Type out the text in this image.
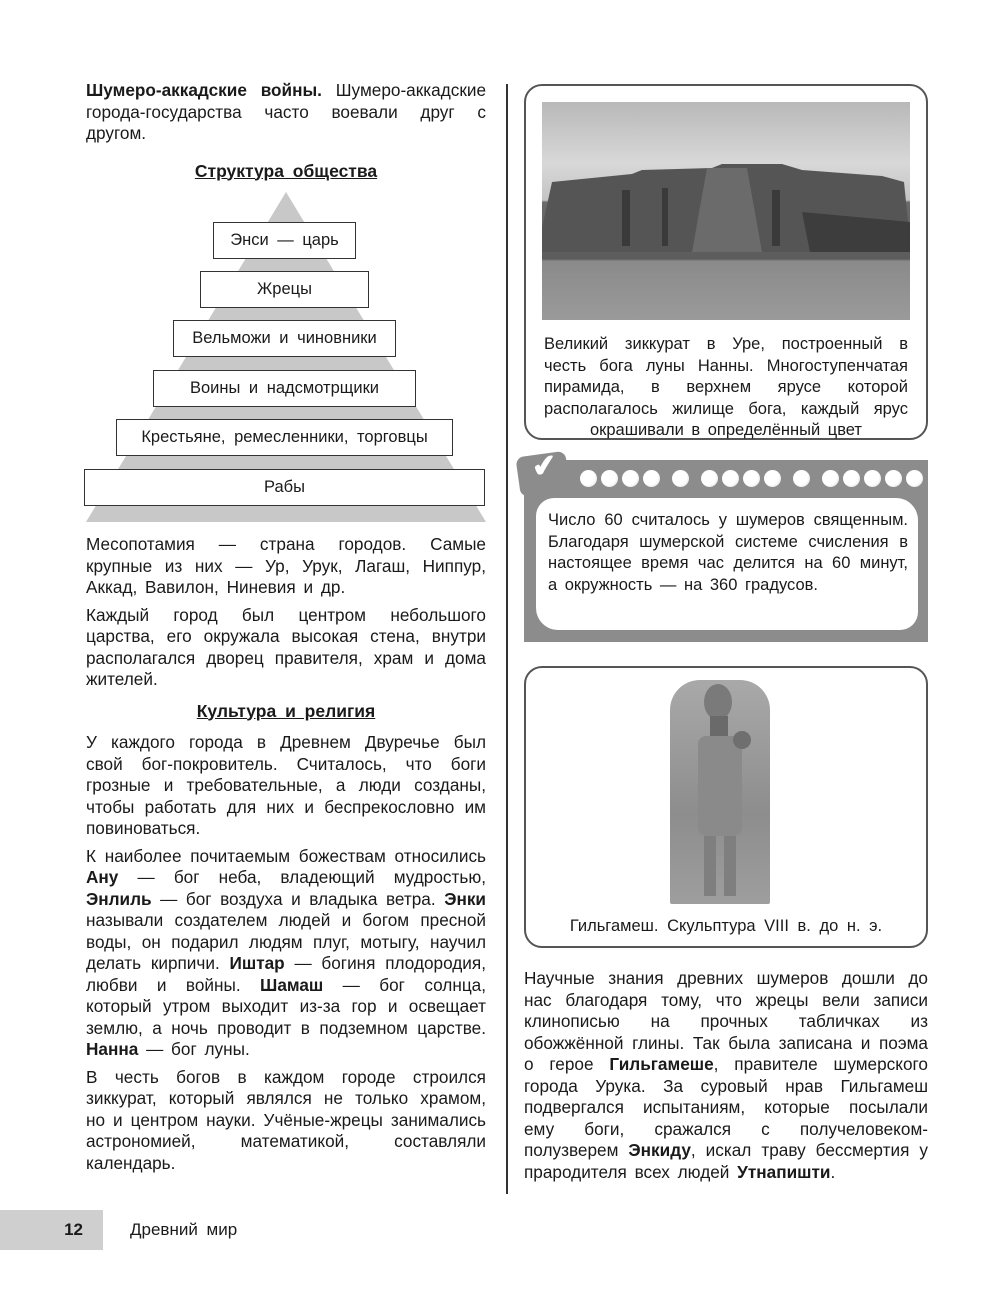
Шумеро-аккадские войны. Шумеро-аккадские города-государства часто воевали друг с другом.

Структура общества
Энси — царь
Жрецы
Вельможи и чиновники
Воины и надсмотрщики
Крестьяне, ремесленники, торговцы
Рабы

Месопотамия — страна городов. Самые крупные из них — Ур, Урук, Лагаш, Ниппур, Аккад, Вавилон, Ниневия и др.

Каждый город был центром небольшого царства, его окружала высокая стена, внутри располагался дворец правителя, храм и дома жителей.

Культура и религия

У каждого города в Древнем Двуречье был свой бог-покровитель. Считалось, что боги грозные и требовательные, а люди созданы, чтобы работать для них и беспрекословно им повиноваться.

К наиболее почитаемым божествам относились Ану — бог неба, владеющий мудростью, Энлиль — бог воздуха и владыка ветра. Энки называли создателем людей и богом пресной воды, он подарил людям плуг, мотыгу, научил делать кирпичи. Иштар — богиня плодородия, любви и войны. Шамаш — бог солнца, который утром выходит из-за гор и освещает землю, а ночь проводит в подземном царстве. Нанна — бог луны.

В честь богов в каждом городе строился зиккурат, который являлся не только храмом, но и центром науки. Учёные-жрецы занимались астрономией, математикой, составляли календарь.

Великий зиккурат в Уре, построенный в честь бога луны Нанны. Многоступенчатая пирамида, в верхнем ярусе которой располагалось жилище бога, каждый ярус окрашивали в определённый цвет
✔
Число 60 считалось у шумеров священным. Благодаря шумерской системе счисления в настоящее время час делится на 60 минут, а окружность — на 360 градусов.
Гильгамеш. Скульптура VIII в. до н. э.

Научные знания древних шумеров дошли до нас благодаря тому, что жрецы вели записи клинописью на прочных табличках из обожжённой глины. Так была записана и поэма о герое Гильгамеше, правителе шумерского города Урука. За суровый нрав Гильгамеш подвергался испытаниям, которые посылали ему боги, сражался с получеловеком-полузверем Энкиду, искал траву бессмертия у прародителя всех людей Утнапишти.

12	Древний мир
